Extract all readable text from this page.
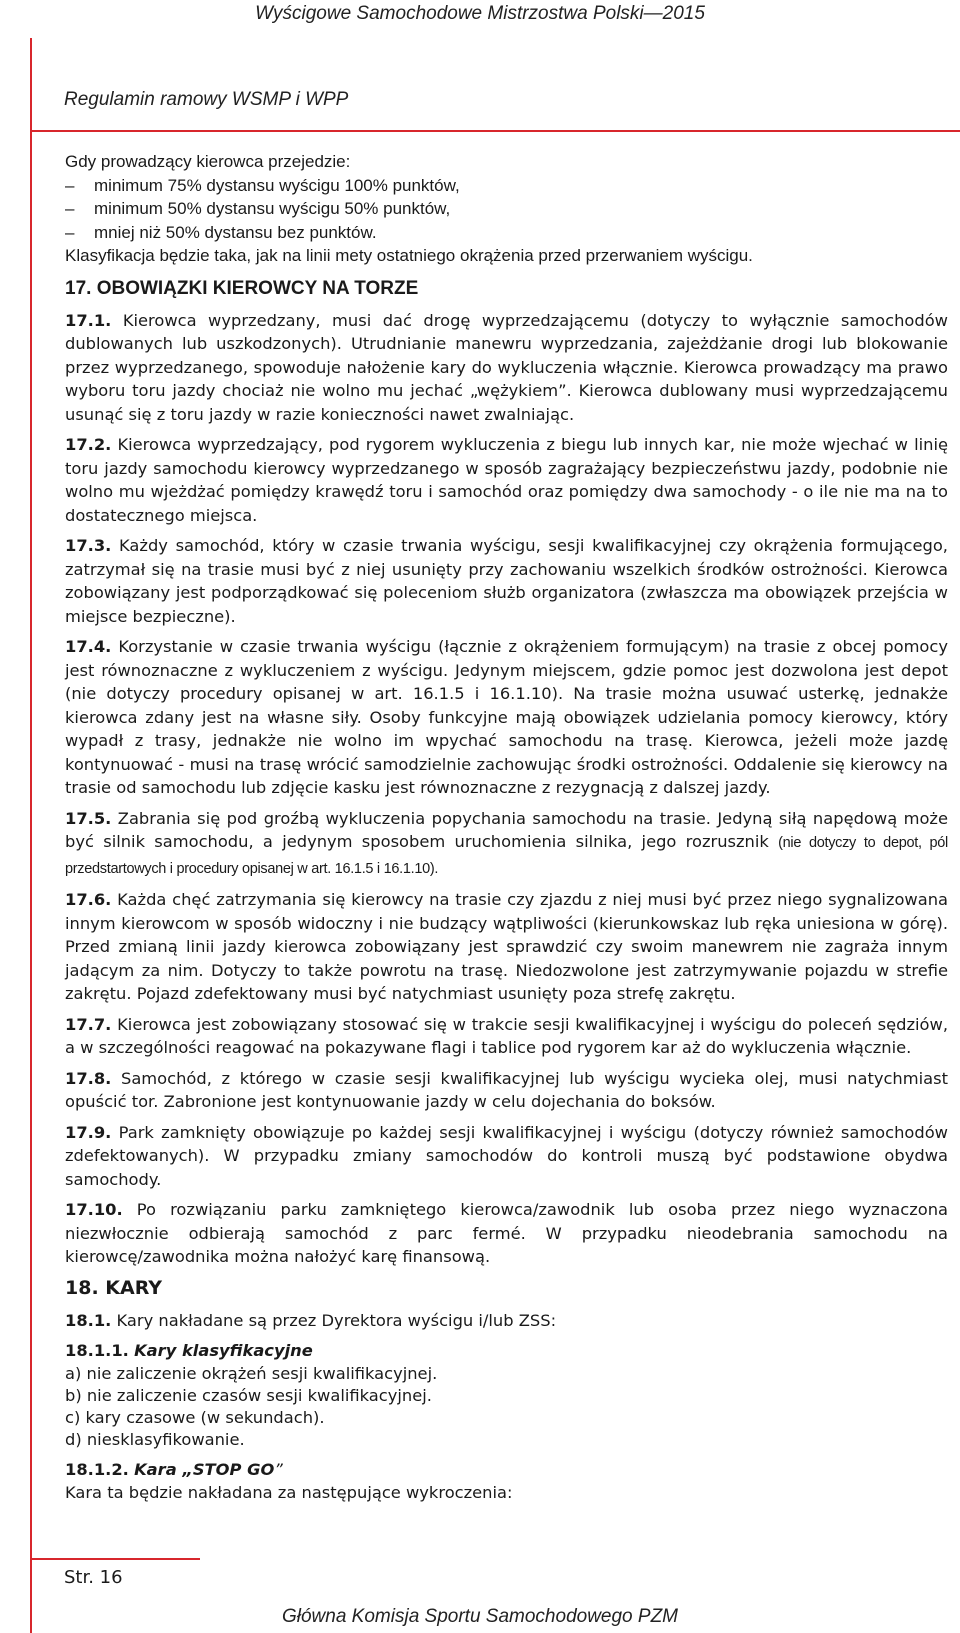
Wyścigowe Samochodowe Mistrzostwa Polski—2015
Regulamin ramowy WSMP i WPP

Gdy prowadzący kierowca przejedzie:

– minimum 75% dystansu wyścigu 100% punktów,
– minimum 50% dystansu wyścigu 50% punktów,
– mniej niż 50% dystansu bez punktów.

Klasyfikacja będzie taka, jak na linii mety ostatniego okrążenia przed przerwaniem wyścigu.

17. OBOWIĄZKI KIEROWCY NA TORZE

17.1. Kierowca wyprzedzany, musi dać drogę wyprzedzającemu (dotyczy to wyłącznie samochodów dublowanych lub uszkodzonych). Utrudnianie manewru wyprzedzania, zajeżdżanie drogi lub blokowanie przez wyprzedzanego, spowoduje nałożenie kary do wykluczenia włącznie. Kierowca prowadzący ma prawo wyboru toru jazdy chociaż nie wolno mu jechać „wężykiem”. Kierowca dublowany musi wyprzedzającemu usunąć się z toru jazdy w razie konieczności nawet zwalniając.

17.2. Kierowca wyprzedzający, pod rygorem wykluczenia z biegu lub innych kar, nie może wjechać w linię toru jazdy samochodu kierowcy wyprzedzanego w sposób zagrażający bezpieczeństwu jazdy, podobnie nie wolno mu wjeżdżać pomiędzy krawędź toru i samochód oraz pomiędzy dwa samochody - o ile nie ma na to dostatecznego miejsca.

17.3. Każdy samochód, który w czasie trwania wyścigu, sesji kwalifikacyjnej czy okrążenia formującego, zatrzymał się na trasie musi być z niej usunięty przy zachowaniu wszelkich środków ostrożności. Kierowca zobowiązany jest podporządkować się poleceniom służb organizatora (zwłaszcza ma obowiązek przejścia w miejsce bezpieczne).

17.4. Korzystanie w czasie trwania wyścigu (łącznie z okrążeniem formującym) na trasie z obcej pomocy jest równoznaczne z wykluczeniem z wyścigu. Jedynym miejscem, gdzie pomoc jest dozwolona jest depot (nie dotyczy procedury opisanej w art. 16.1.5 i 16.1.10). Na trasie można usuwać usterkę, jednakże kierowca zdany jest na własne siły. Osoby funkcyjne mają obowiązek udzielania pomocy kierowcy, który wypadł z trasy, jednakże nie wolno im wpychać samochodu na trasę. Kierowca, jeżeli może jazdę kontynuować - musi na trasę wrócić samodzielnie zachowując środki ostrożności. Oddalenie się kierowcy na trasie od samochodu lub zdjęcie kasku jest równoznaczne z rezygnacją z dalszej jazdy.

17.5. Zabrania się pod groźbą wykluczenia popychania samochodu na trasie. Jedyną siłą napędową może być silnik samochodu, a jedynym sposobem uruchomienia silnika, jego rozrusznik (nie dotyczy to depot, pól przedstartowych i procedury opisanej w art. 16.1.5 i 16.1.10).

17.6. Każda chęć zatrzymania się kierowcy na trasie czy zjazdu z niej musi być przez niego sygnalizowana innym kierowcom w sposób widoczny i nie budzący wątpliwości (kierunkowskaz lub ręka uniesiona w górę). Przed zmianą linii jazdy kierowca zobowiązany jest sprawdzić czy swoim manewrem nie zagraża innym jadącym za nim. Dotyczy to także powrotu na trasę. Niedozwolone jest zatrzymywanie pojazdu w strefie zakrętu. Pojazd zdefektowany musi być natychmiast usunięty poza strefę zakrętu.

17.7. Kierowca jest zobowiązany stosować się w trakcie sesji kwalifikacyjnej i wyścigu do poleceń sędziów, a w szczególności reagować na pokazywane flagi i tablice pod rygorem kar aż do wykluczenia włącznie.

17.8. Samochód, z którego w czasie sesji kwalifikacyjnej lub wyścigu wycieka olej, musi natychmiast opuścić tor. Zabronione jest kontynuowanie jazdy w celu dojechania do boksów.

17.9. Park zamknięty obowiązuje po każdej sesji kwalifikacyjnej i wyścigu (dotyczy również samochodów zdefektowanych). W przypadku zmiany samochodów do kontroli muszą być podstawione obydwa samochody.

17.10. Po rozwiązaniu parku zamkniętego kierowca/zawodnik lub osoba przez niego wyznaczona niezwłocznie odbierają samochód z parc fermé. W przypadku nieodebrania samochodu na kierowcę/zawodnika można nałożyć karę finansową.

18. KARY

18.1. Kary nakładane są przez Dyrektora wyścigu i/lub ZSS:

18.1.1. Kary klasyfikacyjne

a) nie zaliczenie okrążeń sesji kwalifikacyjnej.
b) nie zaliczenie czasów sesji kwalifikacyjnej.
c) kary czasowe (w sekundach).
d) niesklasyfikowanie.

18.1.2. Kara „STOP GO”

Kara ta będzie nakładana za następujące wykroczenia:

Str. 16
Główna Komisja Sportu Samochodowego PZM
